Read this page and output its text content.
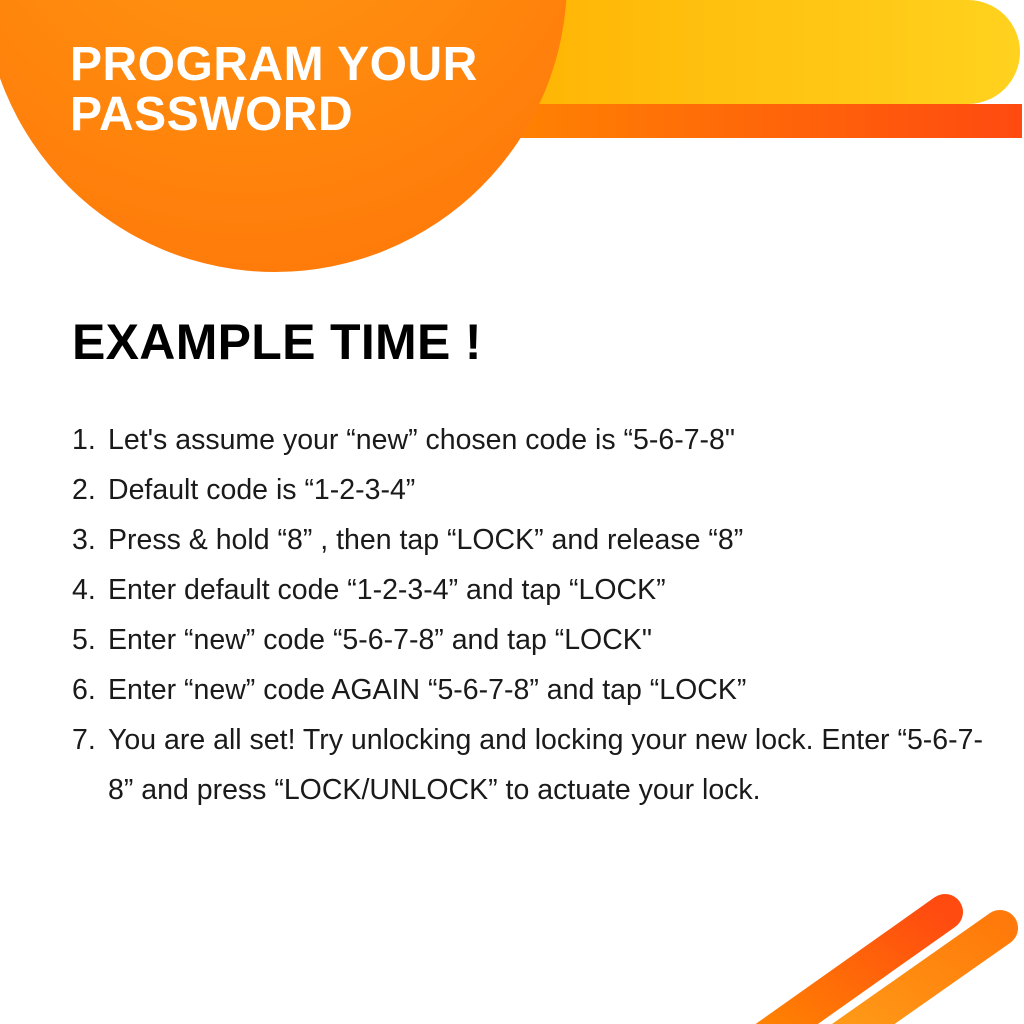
PROGRAM YOUR
PASSWORD
EXAMPLE TIME !
1. Let's assume your “new” chosen code is “5-6-7-8"
2. Default code is “1-2-3-4”
3. Press & hold “8” , then tap “LOCK” and release “8”
4. Enter default code “1-2-3-4” and tap “LOCK”
5. Enter “new” code “5-6-7-8” and tap “LOCK"
6. Enter “new” code AGAIN “5-6-7-8” and tap “LOCK”
7. You are all set! Try unlocking and locking your new lock. Enter “5-6-7-8” and press “LOCK/UNLOCK” to actuate your lock.
